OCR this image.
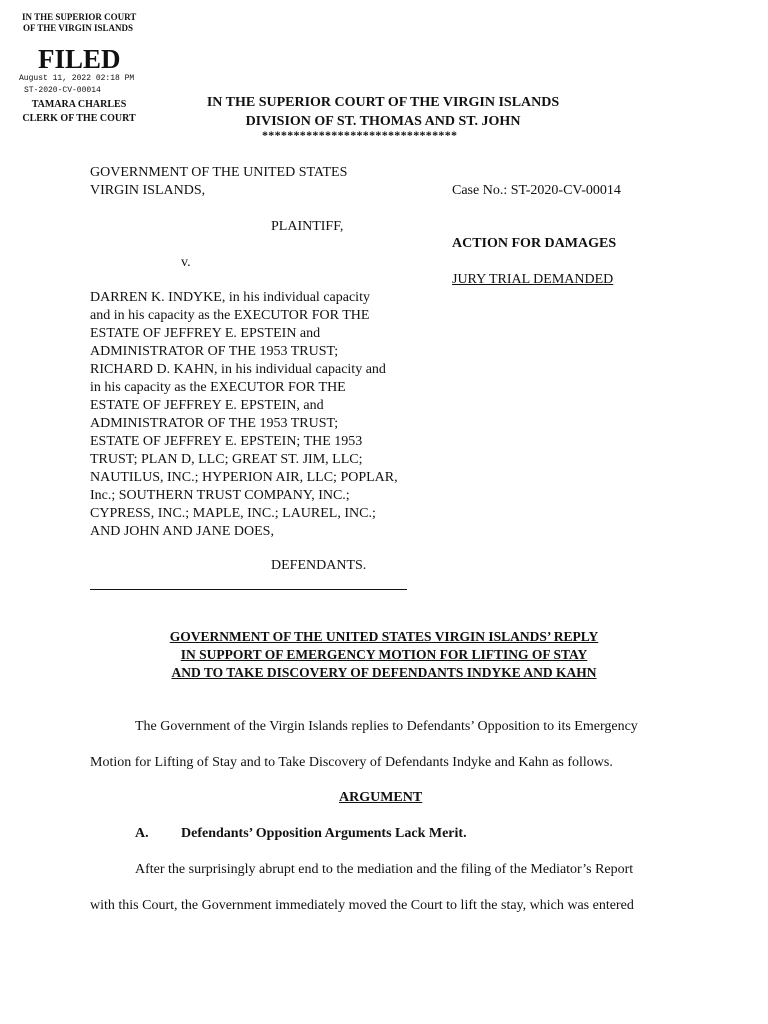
IN THE SUPERIOR COURT
OF THE VIRGIN ISLANDS
FILED
August 11, 2022 02:18 PM
ST-2020-CV-00014
TAMARA CHARLES
CLERK OF THE COURT
IN THE SUPERIOR COURT OF THE VIRGIN ISLANDS
DIVISION OF ST. THOMAS AND ST. JOHN
*******************************
GOVERNMENT OF THE UNITED STATES
VIRGIN ISLANDS,	Case No.: ST-2020-CV-00014
PLAINTIFF,
ACTION FOR DAMAGES
v.
JURY TRIAL DEMANDED
DARREN K. INDYKE, in his individual capacity
and in his capacity as the EXECUTOR FOR THE
ESTATE OF JEFFREY E. EPSTEIN and
ADMINISTRATOR OF THE 1953 TRUST;
RICHARD D. KAHN, in his individual capacity and
in his capacity as the EXECUTOR FOR THE
ESTATE OF JEFFREY E. EPSTEIN, and
ADMINISTRATOR OF THE 1953 TRUST;
ESTATE OF JEFFREY E. EPSTEIN; THE 1953
TRUST; PLAN D, LLC; GREAT ST. JIM, LLC;
NAUTILUS, INC.; HYPERION AIR, LLC; POPLAR,
Inc.; SOUTHERN TRUST COMPANY, INC.;
CYPRESS, INC.; MAPLE, INC.; LAUREL, INC.;
AND JOHN AND JANE DOES,
DEFENDANTS.
GOVERNMENT OF THE UNITED STATES VIRGIN ISLANDS’ REPLY
IN SUPPORT OF EMERGENCY MOTION FOR LIFTING OF STAY
AND TO TAKE DISCOVERY OF DEFENDANTS INDYKE AND KAHN
The Government of the Virgin Islands replies to Defendants’ Opposition to its Emergency
Motion for Lifting of Stay and to Take Discovery of Defendants Indyke and Kahn as follows.
ARGUMENT
A. Defendants’ Opposition Arguments Lack Merit.
After the surprisingly abrupt end to the mediation and the filing of the Mediator’s Report
with this Court, the Government immediately moved the Court to lift the stay, which was entered
